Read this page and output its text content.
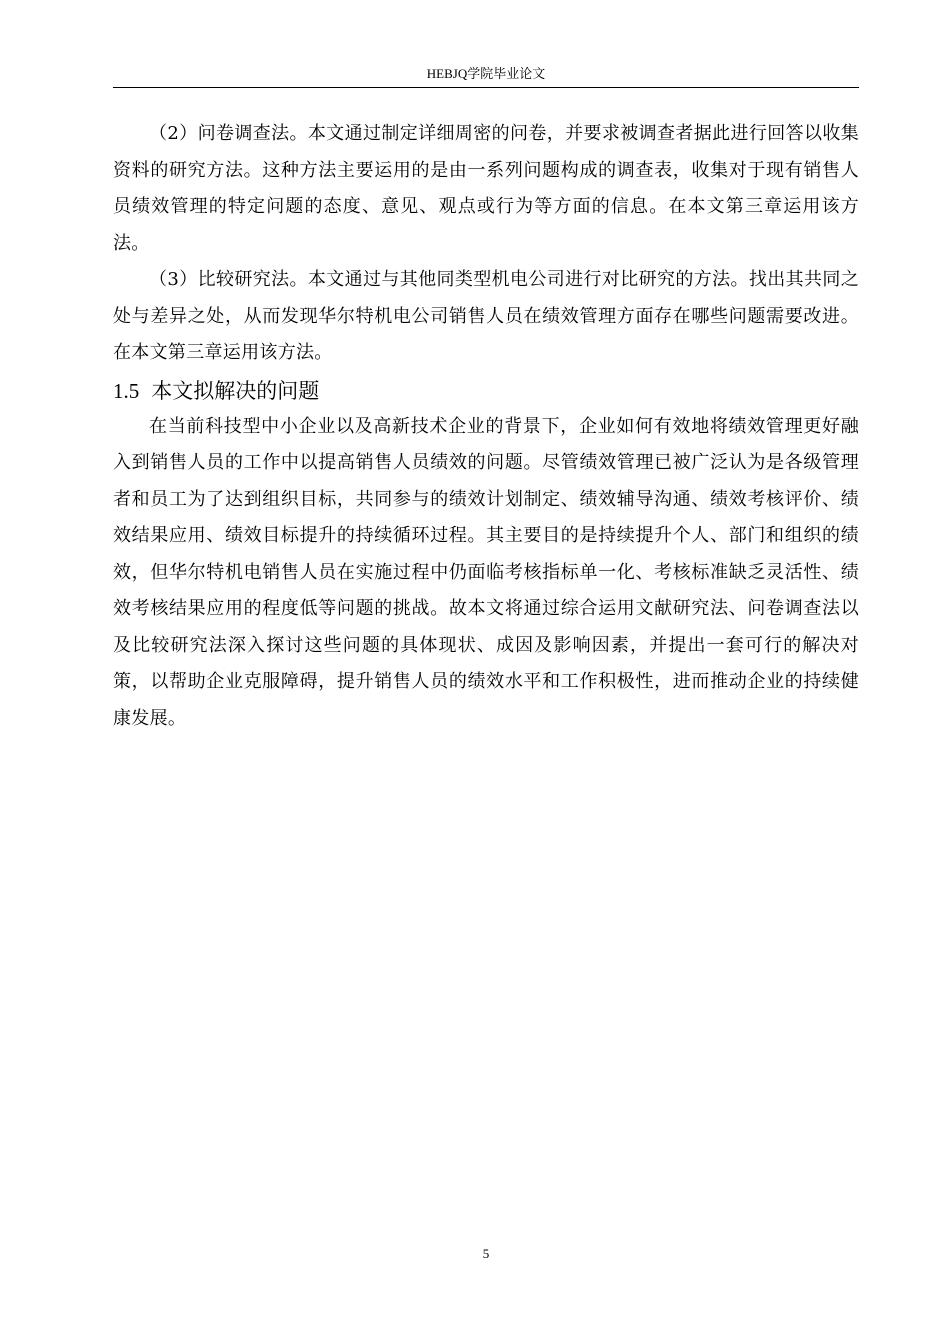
HEBJQ学院毕业论文

（2）问卷调查法。本文通过制定详细周密的问卷，并要求被调查者据此进行回答以收集资料的研究方法。这种方法主要运用的是由一系列问题构成的调查表，收集对于现有销售人员绩效管理的特定问题的态度、意见、观点或行为等方面的信息。在本文第三章运用该方法。

（3）比较研究法。本文通过与其他同类型机电公司进行对比研究的方法。找出其共同之处与差异之处，从而发现华尔特机电公司销售人员在绩效管理方面存在哪些问题需要改进。在本文第三章运用该方法。

1.5 本文拟解决的问题

在当前科技型中小企业以及高新技术企业的背景下，企业如何有效地将绩效管理更好融入到销售人员的工作中以提高销售人员绩效的问题。尽管绩效管理已被广泛认为是各级管理者和员工为了达到组织目标，共同参与的绩效计划制定、绩效辅导沟通、绩效考核评价、绩效结果应用、绩效目标提升的持续循环过程。其主要目的是持续提升个人、部门和组织的绩效，但华尔特机电销售人员在实施过程中仍面临考核指标单一化、考核标准缺乏灵活性、绩效考核结果应用的程度低等问题的挑战。故本文将通过综合运用文献研究法、问卷调查法以及比较研究法深入探讨这些问题的具体现状、成因及影响因素，并提出一套可行的解决对策，以帮助企业克服障碍，提升销售人员的绩效水平和工作积极性，进而推动企业的持续健康发展。

5
